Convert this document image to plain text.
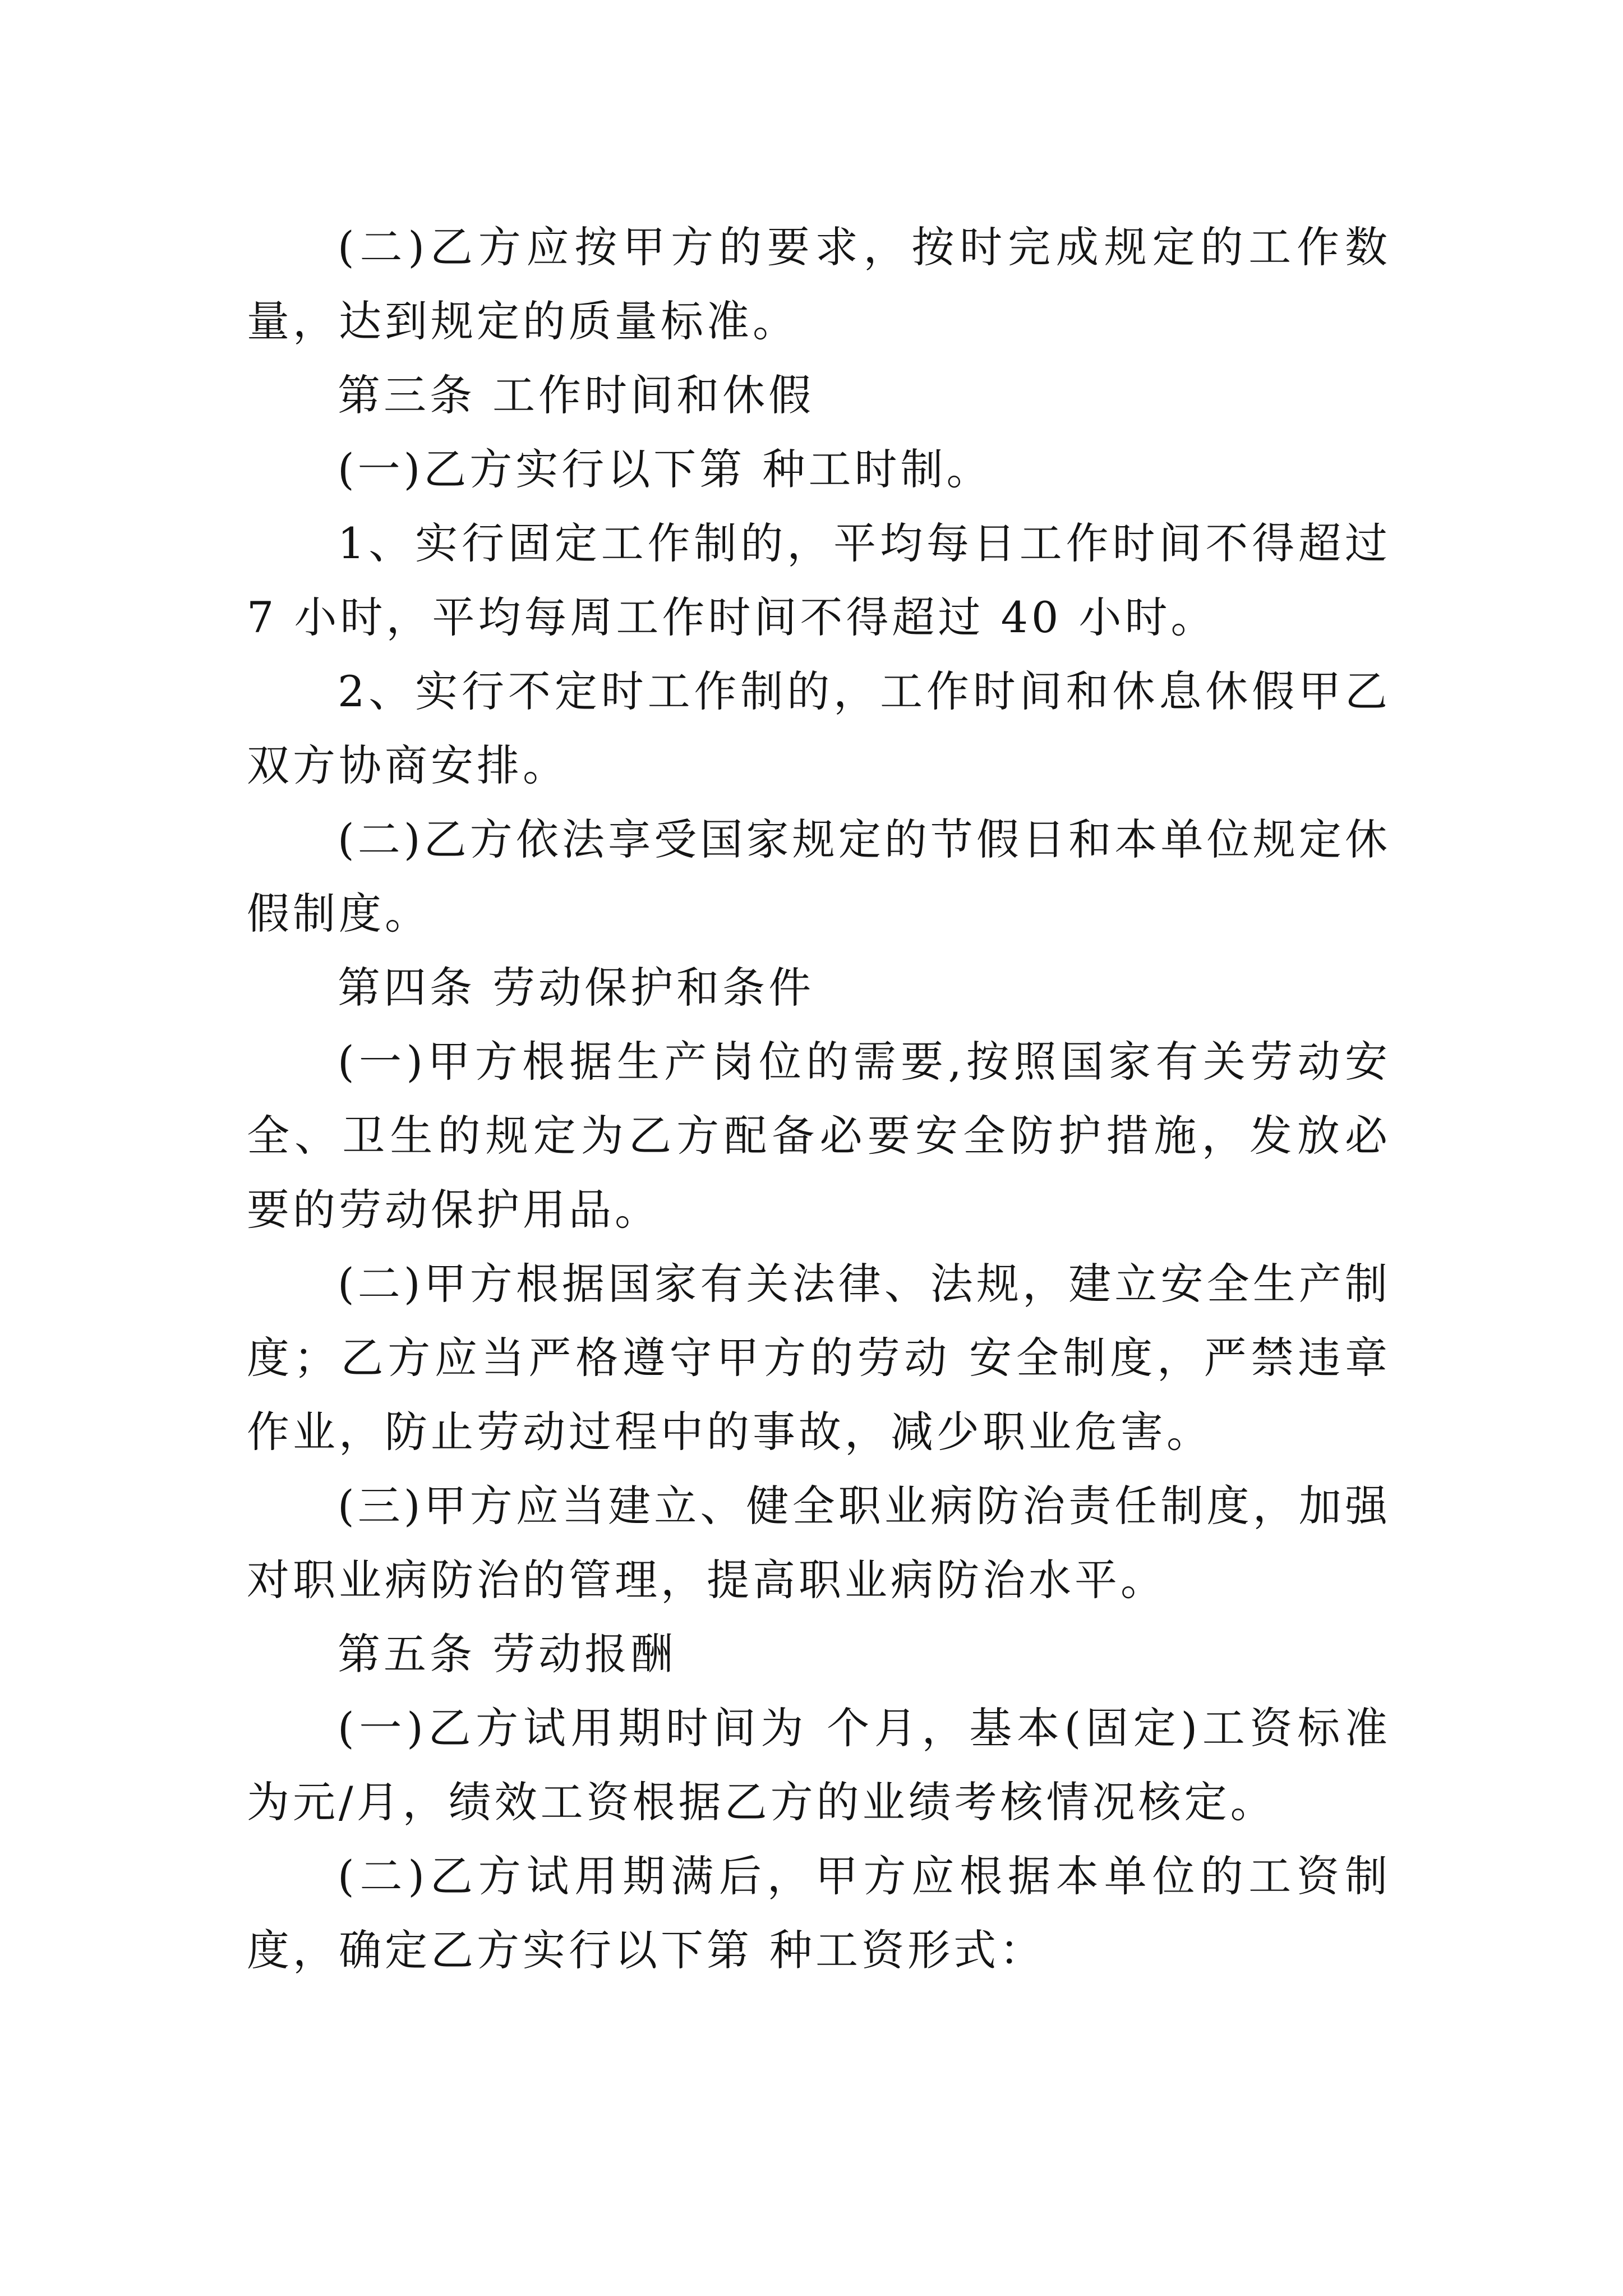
(二)乙方应按甲方的要求，按时完成规定的工作数量，达到规定的质量标准。

第三条 工作时间和休假

(一)乙方实行以下第 种工时制。

1、实行固定工作制的，平均每日工作时间不得超过 7 小时，平均每周工作时间不得超过 40 小时。

2、实行不定时工作制的，工作时间和休息休假甲乙双方协商安排。

(二)乙方依法享受国家规定的节假日和本单位规定休假制度。

第四条 劳动保护和条件

(一)甲方根据生产岗位的需要,按照国家有关劳动安全、卫生的规定为乙方配备必要安全防护措施，发放必要的劳动保护用品。

(二)甲方根据国家有关法律、法规，建立安全生产制度；乙方应当严格遵守甲方的劳动 安全制度，严禁违章作业，防止劳动过程中的事故，减少职业危害。

(三)甲方应当建立、健全职业病防治责任制度，加强对职业病防治的管理，提高职业病防治水平。

第五条 劳动报酬

(一)乙方试用期时间为 个月，基本(固定)工资标准为元/月，绩效工资根据乙方的业绩考核情况核定。

(二)乙方试用期满后，甲方应根据本单位的工资制度，确定乙方实行以下第 种工资形式：
